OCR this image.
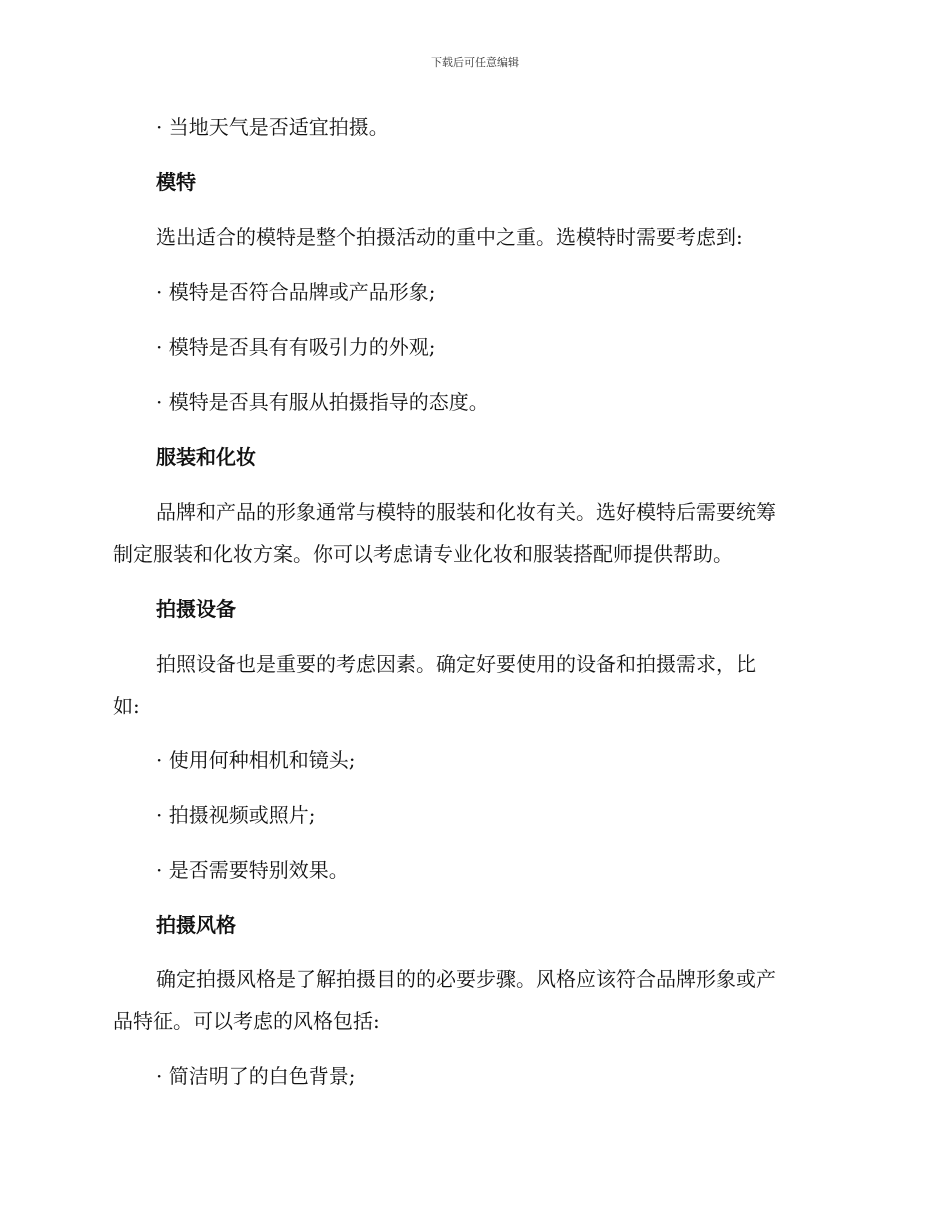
下载后可任意编辑
· 当地天气是否适宜拍摄。
模特
选出适合的模特是整个拍摄活动的重中之重。选模特时需要考虑到:
· 模特是否符合品牌或产品形象;
· 模特是否具有有吸引力的外观;
· 模特是否具有服从拍摄指导的态度。
服装和化妆
品牌和产品的形象通常与模特的服装和化妆有关。选好模特后需要统筹
制定服装和化妆方案。你可以考虑请专业化妆和服装搭配师提供帮助。
拍摄设备
拍照设备也是重要的考虑因素。确定好要使用的设备和拍摄需求，比
如:
· 使用何种相机和镜头;
· 拍摄视频或照片;
· 是否需要特别效果。
拍摄风格
确定拍摄风格是了解拍摄目的的必要步骤。风格应该符合品牌形象或产
品特征。可以考虑的风格包括:
· 简洁明了的白色背景;
